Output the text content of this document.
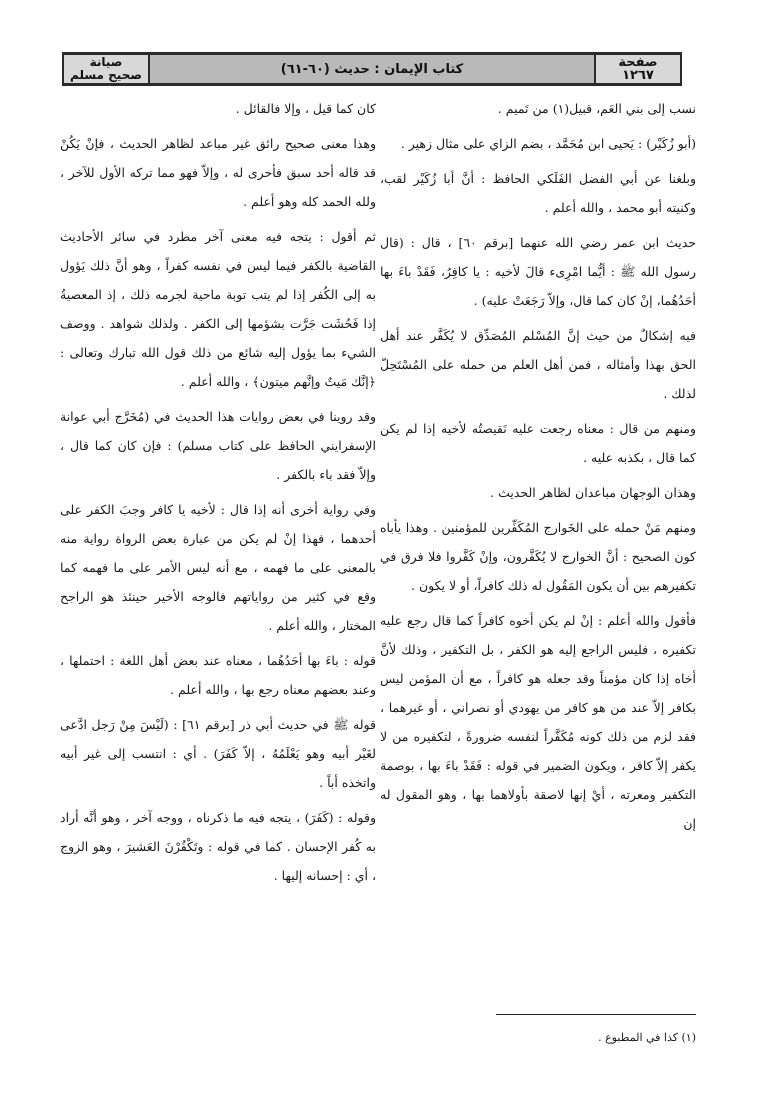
صفحة
١٢٦٧
كتاب الإيمان : حديث (٦٠-٦١)
صيانة
صحيح مسلم

نسب إلى بني العَم، قبيل(١) من تَميم .

(أبو زُكَيْر) : يَحيى ابن مُحَمَّد ، بضم الزاي على مثال زهير .

وبلغنا عن أبي الفضل الفَلَكي الحافظ : أنَّ أبا زُكَيْر لقب، وكنيته أبو محمد ، والله أعلم .

حديث ابن عمر رضي الله عنهما [برقم ٦٠] ، قال : (قال رسول الله ﷺ : أيُّما امْرِىء قالَ لأخيه : يا كافِرُ، فَقَدْ باءَ بها أحَدُهُما، إنْ كان كما قال، وإلاّ رَجَعَتْ عليه) .

فيه إشكالٌ من حيث إنَّ المُسْلم المُصَدِّق لا يُكَفَّر عند أهل الحق بهذا وأمثاله ، فمن أهل العلم من حمله على المُسْتَحِلّ لذلك .

ومنهم من قال : معناه رجعت عليه نَقيصتُه لأخيه إذا لم يكن كما قال ، بكذبه عليه .

وهذان الوجهان مباعدان لظاهر الحديث .

ومنهم مَنْ حمله على الخَوارج المُكَفِّرين للمؤمنين . وهذا يأباه كون الصحيح : أنَّ الخوارج لا يُكَفَّرون، وإنْ كَفَّروا فلا فرق في تكفيرهم بين أن يكون المَقُول له ذلك كافراً، أو لا يكون .

فأقول والله أعلم : إنْ لم يكن أخوه كافراً كما قال رجع عليه تكفيره ، فليس الراجع إليه هو الكفر ، بل التكفير ، وذلك لأنَّ أخاه إذا كان مؤمناً وقد جعله هو كافراً ، مع أن المؤمن ليس بكافر إلاّ عند من هو كافر من يهودي أو نصراني ، أو غيرهما ، فقد لزم من ذلك كونه مُكَفَّراً لنفسه ضرورةً ، لتكفيره من لا يكفر إلاّ كافر ، ويكون الضمير في قوله : فَقَدْ باءَ بها ، بوصمة التكفير ومعرته ، أيْ إنها لاصقة بأولاهما بها ، وهو المقول له إن

كان كما قيل ، وإلا فالقائل .

وهذا معنى صحيح رائق غير مباعد لظاهر الحديث ، فإنْ يَكُنْ قد قاله أحد سبق فأحرى له ، وإلاّ فهو مما تركه الأول للآخر ، ولله الحمد كله وهو أعلم .

ثم أقول : يتجه فيه معنى آخر مطرد في سائر الأحاديث القاضية بالكفر فيما ليس في نفسه كفراً ، وهو أنَّ ذلك يَؤول به إلى الكُفر إذا لم يتب توبة ماحية لجرمه ذلك ، إذ المعصيةُ إذا فَحُشَت جَرَّت بشؤمها إلى الكفر . ولذلك شواهد . ووصف الشيء بما يؤول إليه شائع من ذلك قول الله تبارك وتعالى : ﴿إنَّك مَيتٌ وإنَّهم ميتون﴾ ، والله أعلم .

وقد روينا في بعض روايات هذا الحديث في (مُخَرَّج أبي عوانة الإسفرايني الحافظ على كتاب مسلم) : فإن كان كما قال ، وإلاّ فقد باء بالكفر .

وفي رواية أخرى أنه إذا قال : لأخيه يا كافر وجبَ الكفر على أحدهما ، فهذا إنْ لم يكن من عبارة بعض الرواة رواية منه بالمعنى على ما فهمه ، مع أنه ليس الأمر على ما فهمه كما وقع في كثير من رواياتهم فالوجه الأخير حينئذ هو الراجح المختار ، والله أعلم .

قوله : باءَ بها أحَدُهُما ، معناه عند بعض أهل اللغة : احتملها ، وعند بعضهم معناه رجع بها ، والله أعلم .

قوله ﷺ في حديث أبي ذر [برقم ٦١] : (لَيْسَ مِنْ رَجل ادَّعى لغَيْر أبيه وهو يَعْلَمُهُ ، إلاّ كَفَرَ) . أي : انتسب إلى غير أبيه واتخذه أباً .

وقوله : (كَفَرَ) ، يتجه فيه ما ذكرناه ، ووجه آخر ، وهو أنَّه أراد به كُفر الإحسان . كما في قوله : وتَكْفُرْنَ العَشيرَ ، وهو الزوج ، أي : إحسانه إليها .

(١) كذا في المطبوع .
